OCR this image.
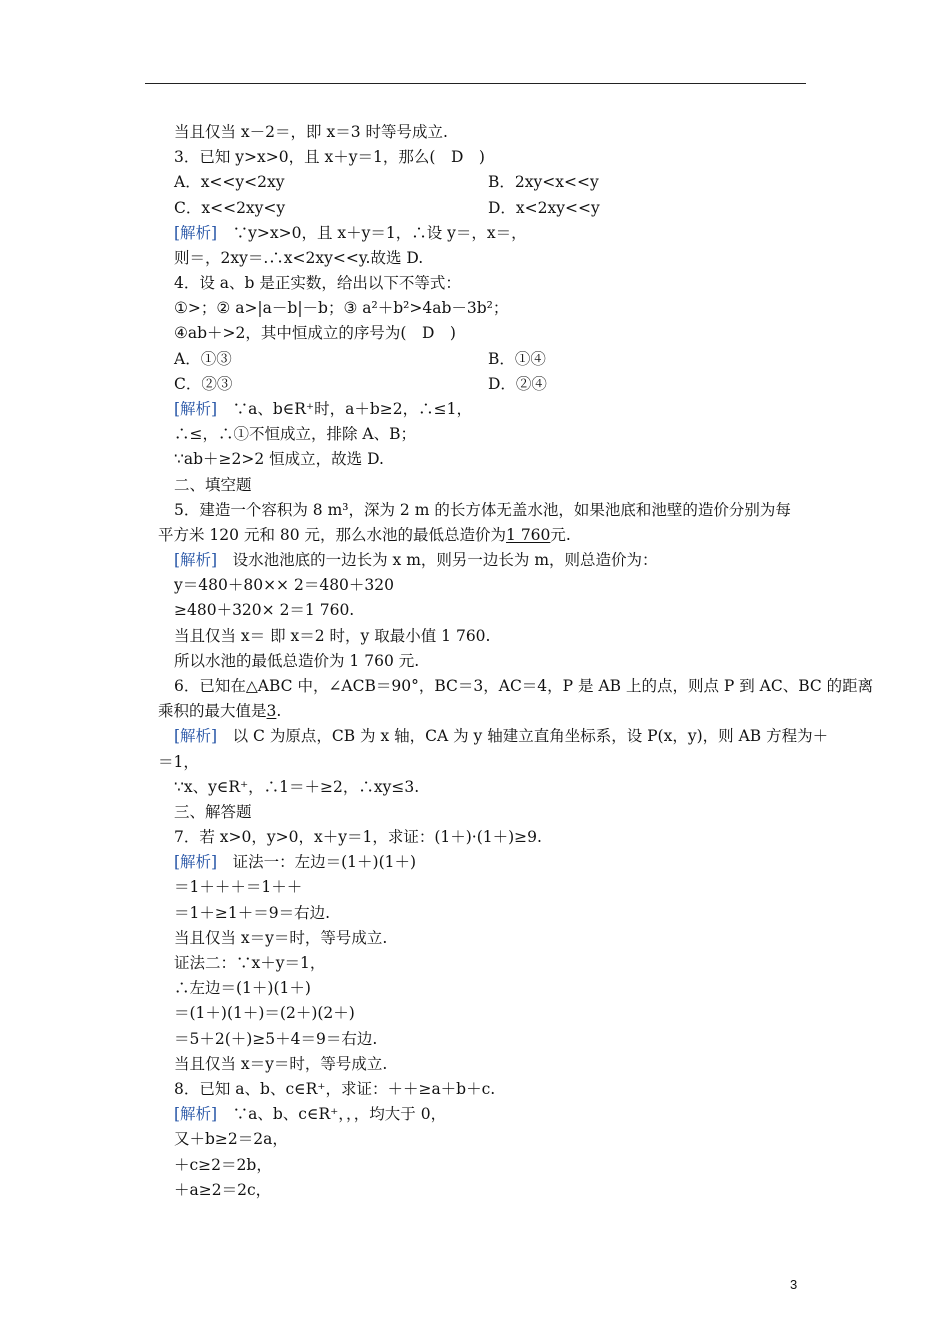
当且仅当 x－2＝，即 x＝3 时等号成立.
3．已知 y>x>0，且 x＋y＝1，那么(　D　)
A．x<<y<2xy	B．2xy<x<<y
C．x<<2xy<y	D．x<2xy<<y
[解析]　 ∵y>x>0，且 x＋y＝1，∴设 y＝，x＝，
则＝，2xy＝.∴x<2xy<<y.故选 D.
4．设 a、b 是正实数，给出以下不等式：
①>；② a>|a－b|－b；③ a²＋b²>4ab－3b²；
④ab＋>2，其中恒成立的序号为(　D　)
A．①③	B．①④
C．②③	D．②④
[解析]　 ∵a、b∈R⁺时，a＋b≥2，∴≤1，
∴≤，∴①不恒成立，排除 A、B；
∵ab＋≥2>2 恒成立，故选 D.
二、填空题
5．建造一个容积为 8 m³，深为 2 m 的长方体无盖水池，如果池底和池壁的造价分别为每
平方米 120 元和 80 元，那么水池的最低总造价为1 760元.
[解析]　 设水池池底的一边长为 x m，则另一边长为 m，则总造价为：
y＝480＋80×× 2＝480＋320
≥480＋320× 2＝1 760.
当且仅当 x＝ 即 x＝2 时，y 取最小值 1 760.
所以水池的最低总造价为 1 760 元.
6．已知在△ABC 中，∠ACB＝90°，BC＝3，AC＝4，P 是 AB 上的点，则点 P 到 AC、BC 的距离
乘积的最大值是3.
[解析]　 以 C 为原点，CB 为 x 轴，CA 为 y 轴建立直角坐标系，设 P(x，y)，则 AB 方程为＋
＝1，
∵x、y∈R⁺，∴1＝＋≥2，∴xy≤3.
三、解答题
7．若 x>0，y>0，x＋y＝1，求证：(1＋)·(1＋)≥9.
[解析]　 证法一：左边＝(1＋)(1＋)
＝1＋＋＋＝1＋＋
＝1＋≥1＋＝9＝右边.
当且仅当 x＝y＝时，等号成立.
证法二：∵x＋y＝1，
∴左边＝(1＋)(1＋)
＝(1＋)(1＋)＝(2＋)(2＋)
＝5＋2(＋)≥5＋4＝9＝右边.
当且仅当 x＝y＝时，等号成立.
8．已知 a、b、c∈R⁺，求证：＋＋≥a＋b＋c.
[解析]　 ∵a、b、c∈R⁺，，，均大于 0，
又＋b≥2＝2a，
＋c≥2＝2b，
＋a≥2＝2c，
3
